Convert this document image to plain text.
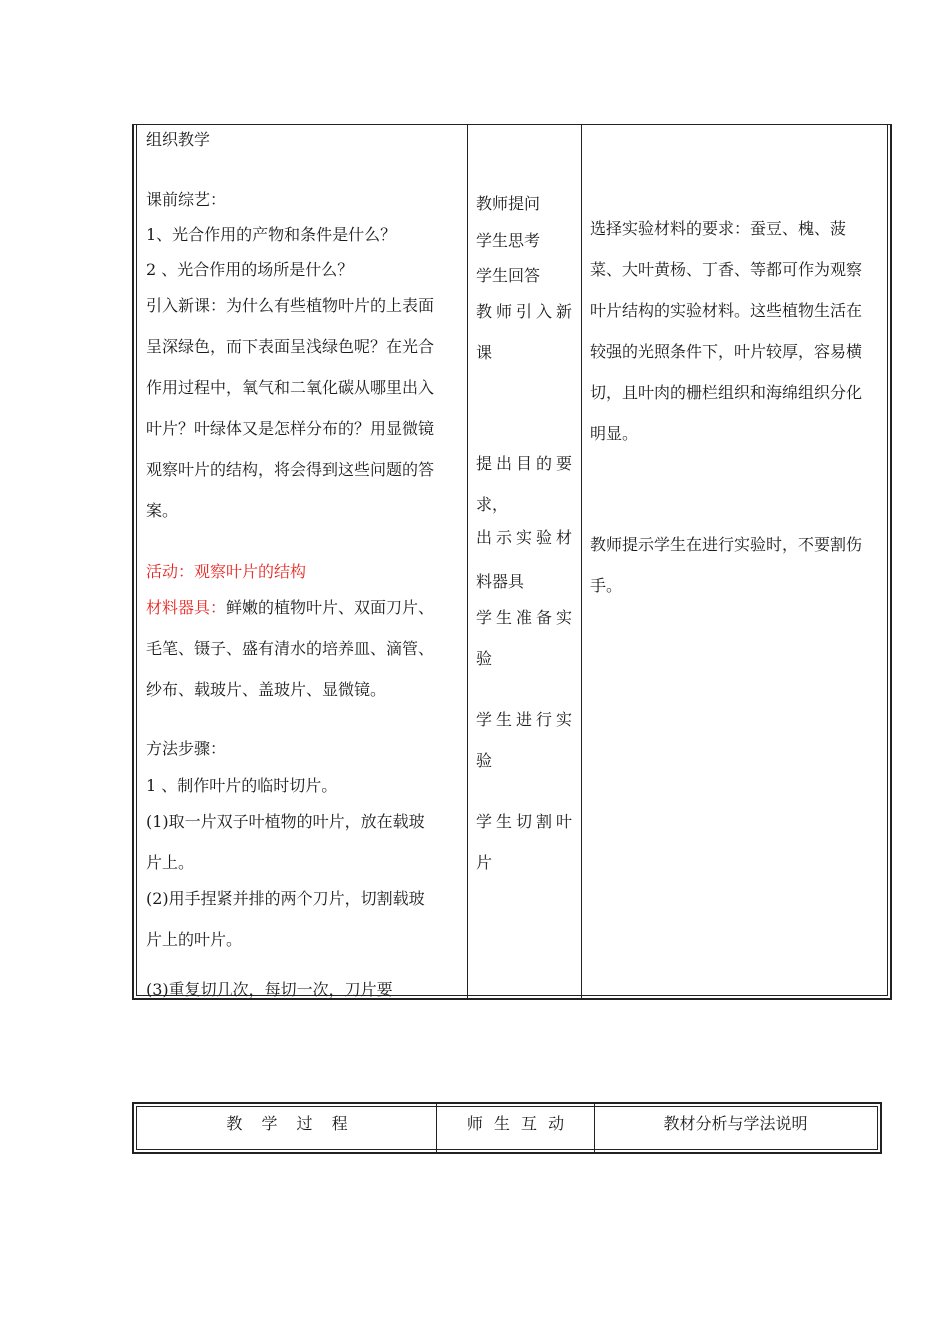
组织教学
课前综艺：
1、光合作用的产物和条件是什么？
2 、光合作用的场所是什么？
引入新课：为什么有些植物叶片的上表面
呈深绿色，而下表面呈浅绿色呢？在光合
作用过程中，氧气和二氧化碳从哪里出入
叶片？叶绿体又是怎样分布的？用显微镜
观察叶片的结构，将会得到这些问题的答
案。
活动：观察叶片的结构
材料器具：鲜嫩的植物叶片、双面刀片、
毛笔、镊子、盛有清水的培养皿、滴管、
纱布、载玻片、盖玻片、显微镜。
方法步骤：
1 、制作叶片的临时切片。
(1)取一片双子叶植物的叶片，放在载玻
片上。
(2)用手捏紧并排的两个刀片，切割载玻
片上的叶片。
(3)重复切几次，每切一次，刀片要
教师提问
学生思考
学生回答
教师引入新
课
提出目的要
求，
出示实验材
料器具
学生准备实
验
学生进行实
验
学生切割叶
片
选择实验材料的要求：蚕豆、槐、菠
菜、大叶黄杨、丁香、等都可作为观察
叶片结构的实验材料。这些植物生活在
较强的光照条件下，叶片较厚，容易横
切，且叶肉的栅栏组织和海绵组织分化
明显。
教师提示学生在进行实验时，不要割伤
手。
教 学 过 程	师 生 互 动	教材分析与学法说明
